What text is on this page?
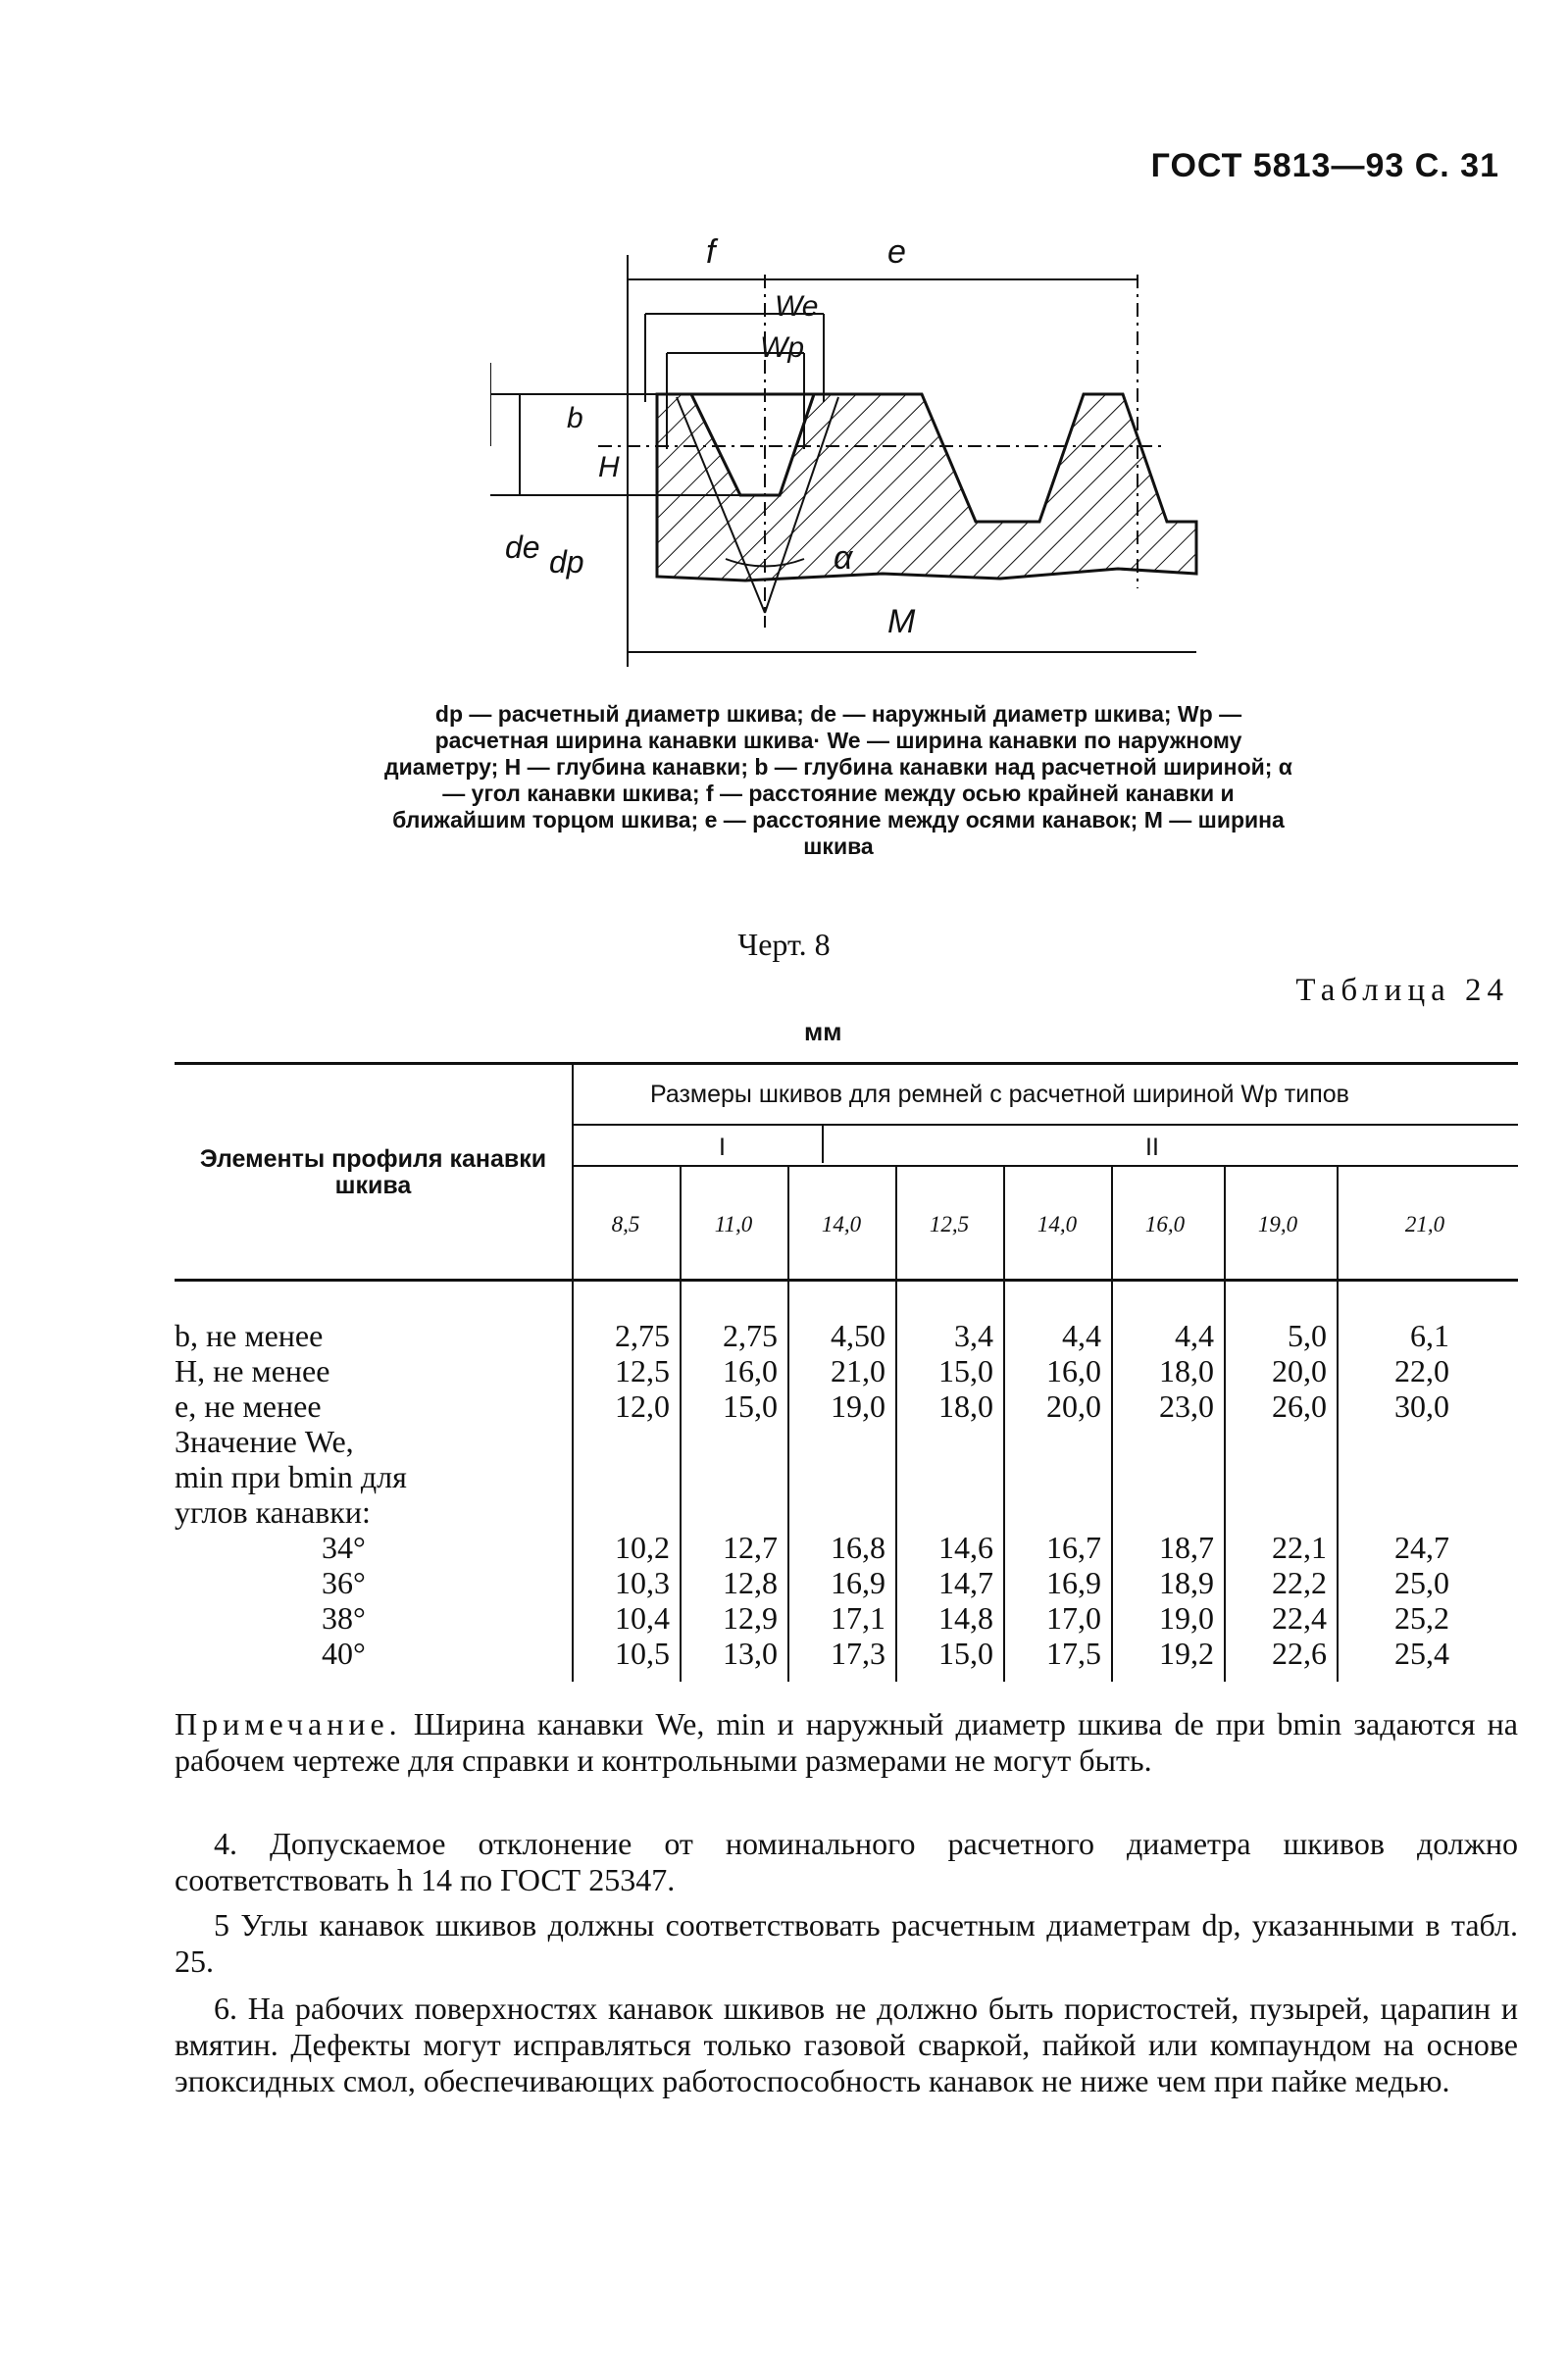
ГОСТ 5813—93 С. 31
f	e
We
Wp
b
H
de dp	α
M

dp — расчетный диаметр шкива; de — наружный диаметр шкива; Wp — расчетная ширина канавки шкива· We — ширина канавки по наружному диаметру; H — глубина канавки; b — глубина канавки над расчетной шириной; α — угол канавки шкива; f — расстояние между осью крайней канавки и ближайшим торцом шкива; e — расстояние между осями канавок; M — ширина шкива

Черт. 8
Таблица 24
мм
Элементы профиля канавки шкива
Размеры шкивов для ремней с расчетной шириной Wp типов
I	II
8,5	11,0	14,0	12,5	14,0	16,0	19,0	21,0
b, не менее	2,75	2,75	4,50	3,4	4,4	4,4	5,0	6,1
H, не менее	12,5	16,0	21,0	15,0	16,0	18,0	20,0	22,0
e, не менее	12,0	15,0	19,0	18,0	20,0	23,0	26,0	30,0
Значение We,
min при bmin для
углов канавки:
34°	10,2	12,7	16,8	14,6	16,7	18,7	22,1	24,7
36°	10,3	12,8	16,9	14,7	16,9	18,9	22,2	25,0
38°	10,4	12,9	17,1	14,8	17,0	19,0	22,4	25,2
40°	10,5	13,0	17,3	15,0	17,5	19,2	22,6	25,4

Примечание. Ширина канавки We, min и наружный диаметр шкива de при bmin задаются на рабочем чертеже для справки и контрольными размерами не могут быть.

4. Допускаемое отклонение от номинального расчетного диаметра шкивов должно соответствовать h 14 по ГОСТ 25347.

5 Углы канавок шкивов должны соответствовать расчетным диаметрам dp, указанными в табл. 25.

6. На рабочих поверхностях канавок шкивов не должно быть пористостей, пузырей, царапин и вмятин. Дефекты могут исправляться только газовой сваркой, пайкой или компаундом на основе эпоксидных смол, обеспечивающих работоспособность канавок не ниже чем при пайке медью.
